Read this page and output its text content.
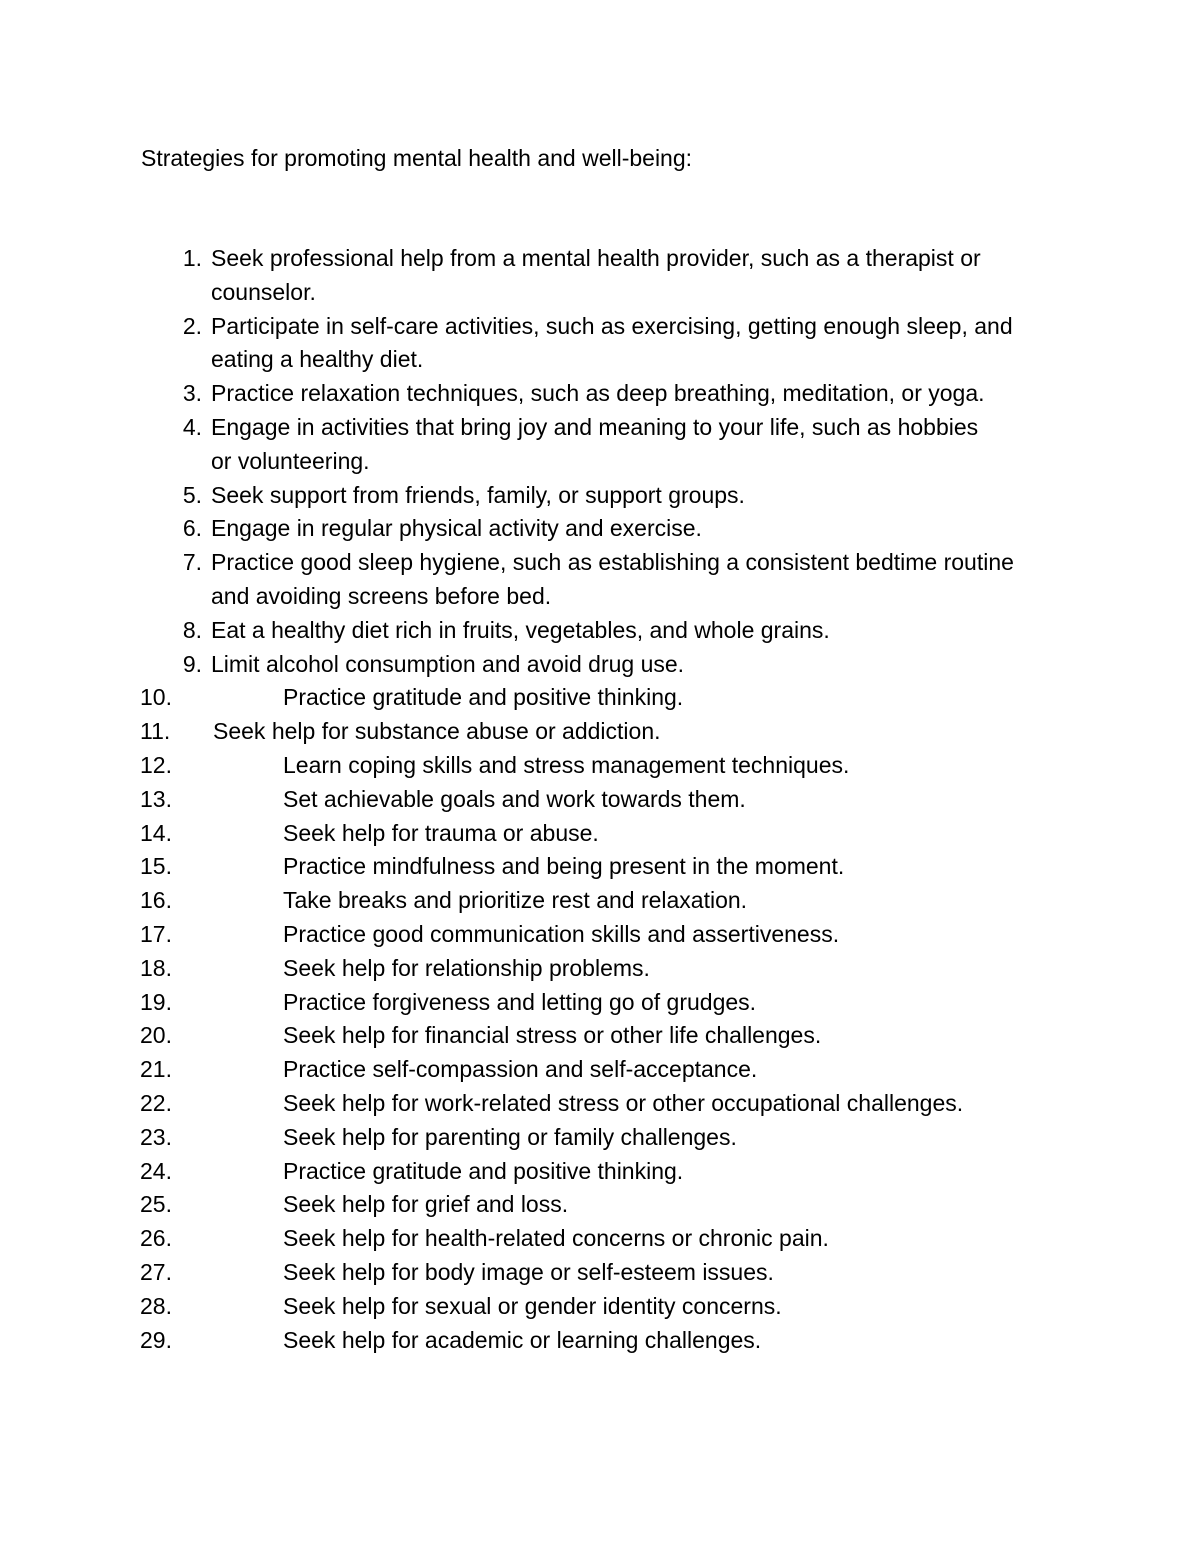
Strategies for promoting mental health and well-being:
1. Seek professional help from a mental health provider, such as a therapist or counselor.
2. Participate in self-care activities, such as exercising, getting enough sleep, and eating a healthy diet.
3. Practice relaxation techniques, such as deep breathing, meditation, or yoga.
4. Engage in activities that bring joy and meaning to your life, such as hobbies or volunteering.
5. Seek support from friends, family, or support groups.
6. Engage in regular physical activity and exercise.
7. Practice good sleep hygiene, such as establishing a consistent bedtime routine and avoiding screens before bed.
8. Eat a healthy diet rich in fruits, vegetables, and whole grains.
9. Limit alcohol consumption and avoid drug use.
10.	Practice gratitude and positive thinking.
11. Seek help for substance abuse or addiction.
12.	Learn coping skills and stress management techniques.
13.	Set achievable goals and work towards them.
14.	Seek help for trauma or abuse.
15.	Practice mindfulness and being present in the moment.
16.	Take breaks and prioritize rest and relaxation.
17.	Practice good communication skills and assertiveness.
18.	Seek help for relationship problems.
19.	Practice forgiveness and letting go of grudges.
20.	Seek help for financial stress or other life challenges.
21.	Practice self-compassion and self-acceptance.
22.	Seek help for work-related stress or other occupational challenges.
23.	Seek help for parenting or family challenges.
24.	Practice gratitude and positive thinking.
25.	Seek help for grief and loss.
26.	Seek help for health-related concerns or chronic pain.
27.	Seek help for body image or self-esteem issues.
28.	Seek help for sexual or gender identity concerns.
29.	Seek help for academic or learning challenges.
